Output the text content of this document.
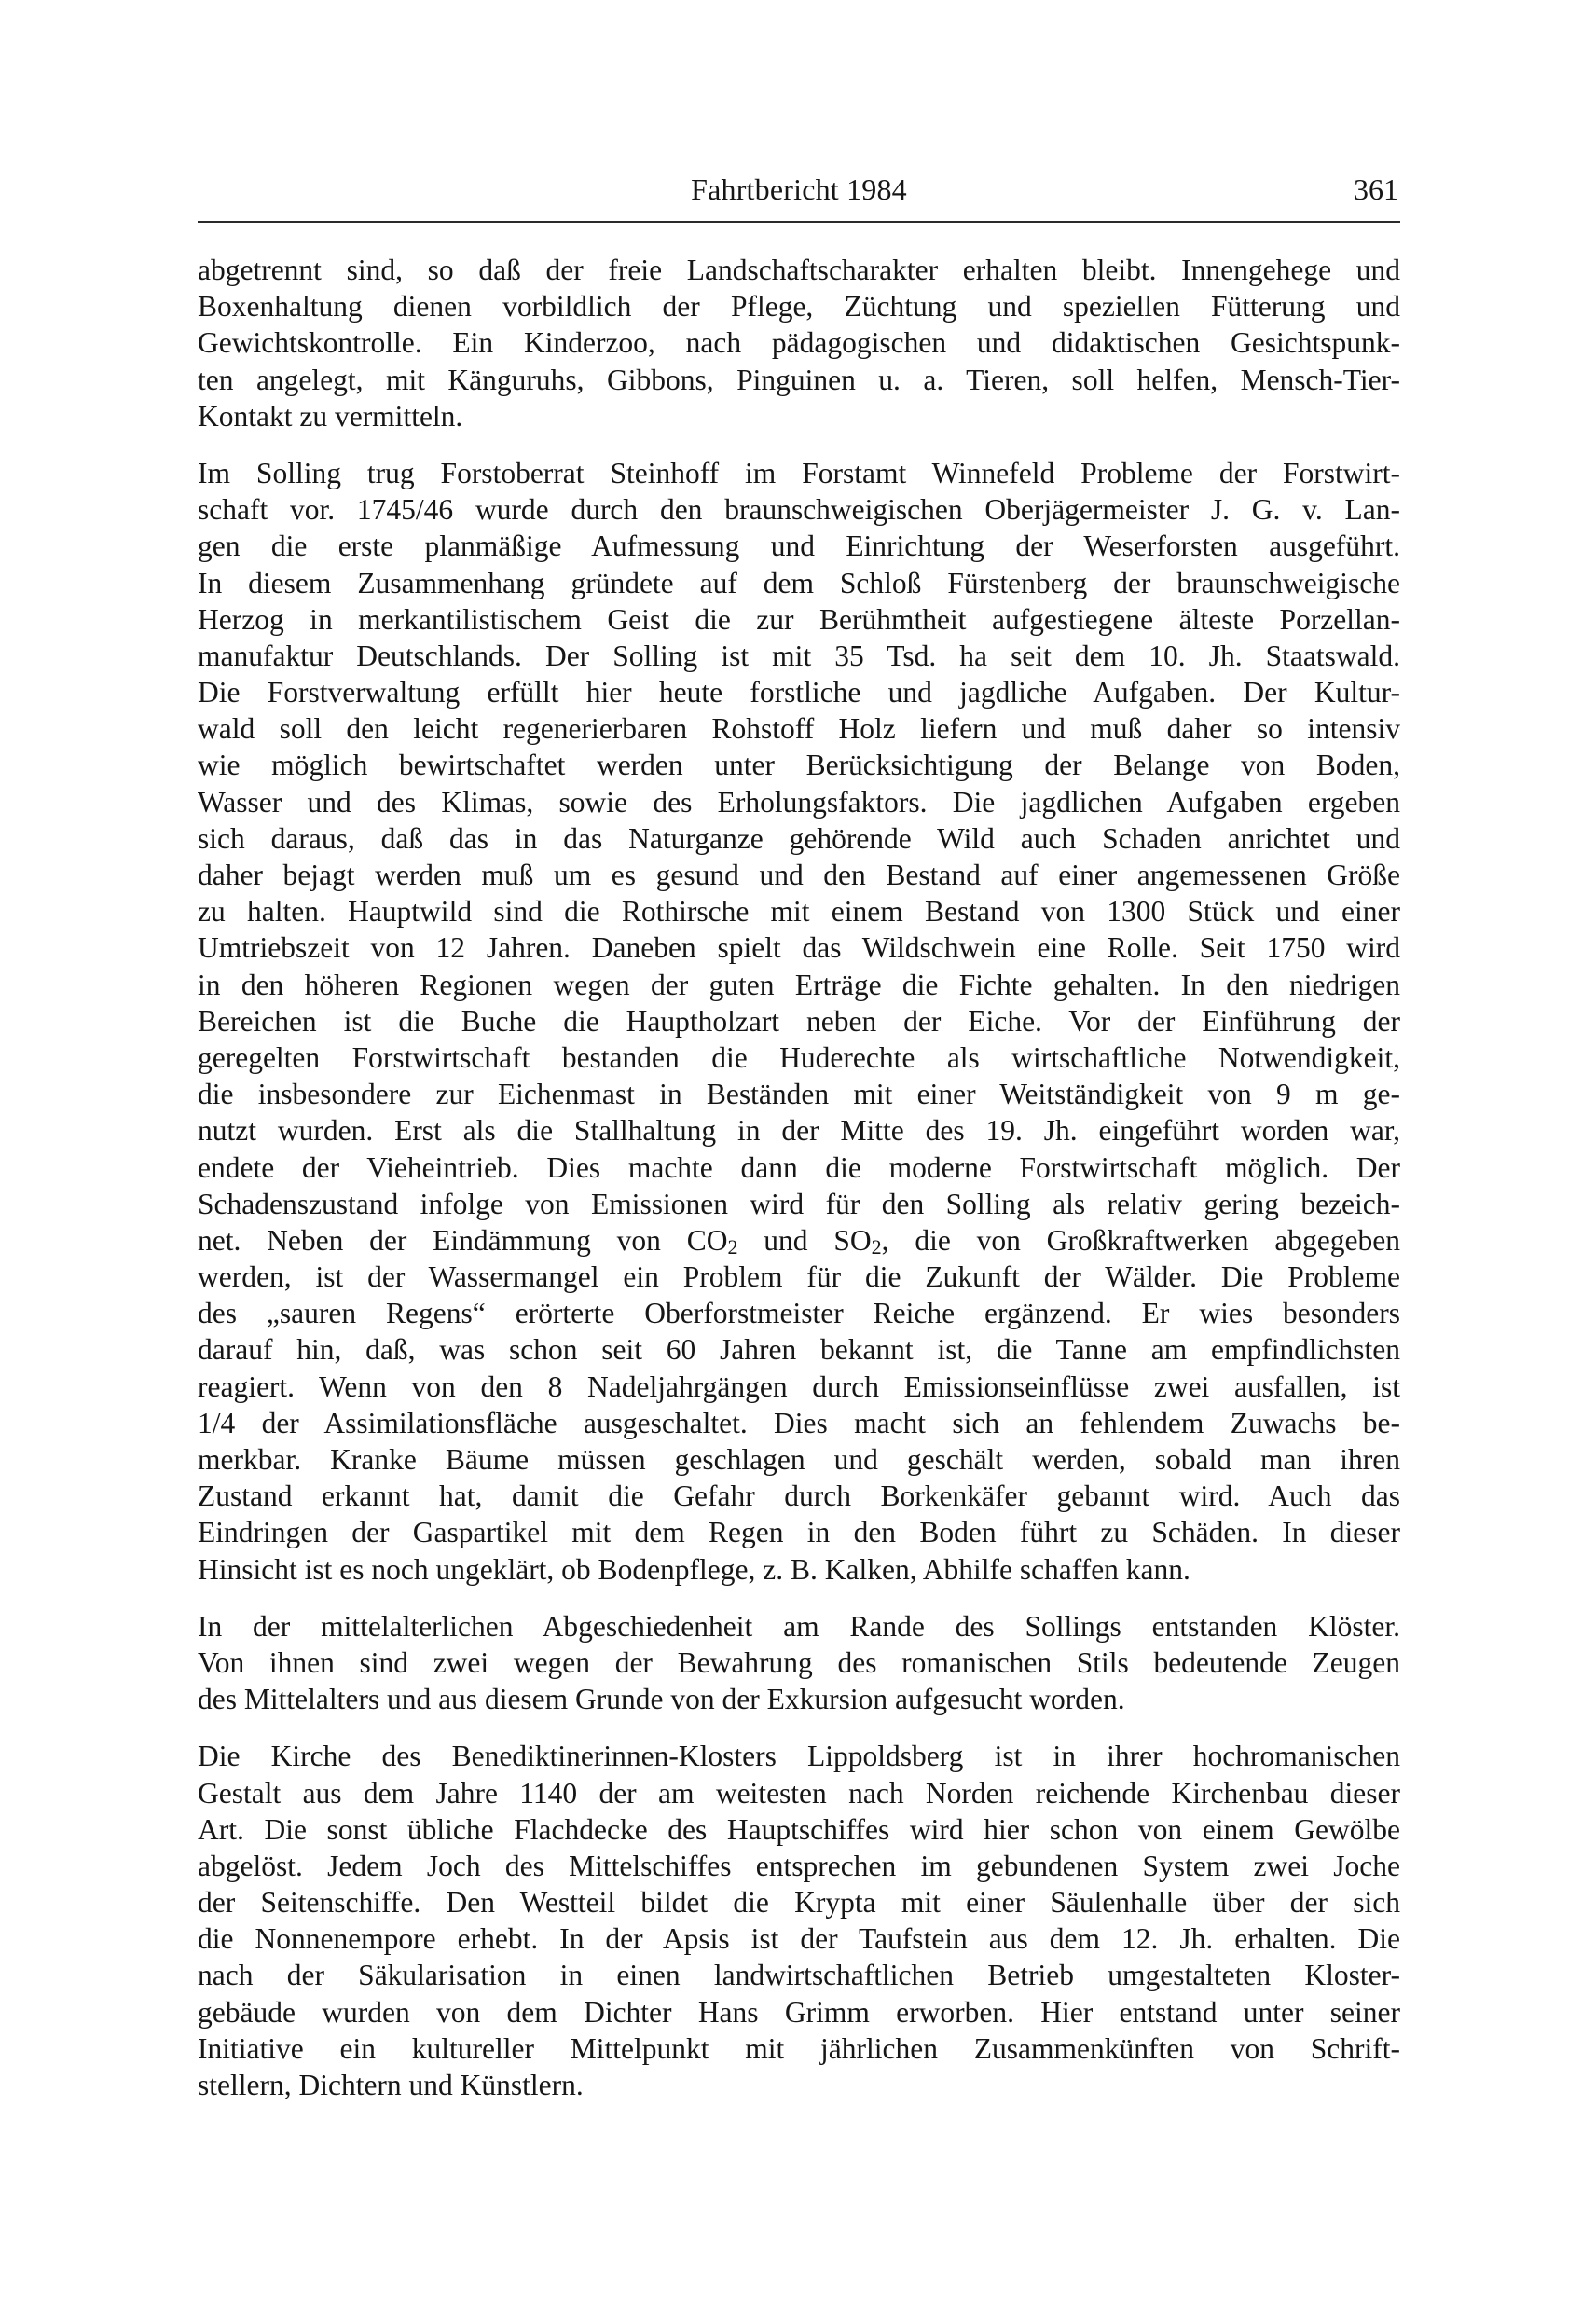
Fahrtbericht 1984	361
abgetrennt sind, so daß der freie Landschaftscharakter erhalten bleibt. Innengehege und
Boxenhaltung dienen vorbildlich der Pflege, Züchtung und speziellen Fütterung und
Gewichtskontrolle. Ein Kinderzoo, nach pädagogischen und didaktischen Gesichtspunk-
ten angelegt, mit Känguruhs, Gibbons, Pinguinen u. a. Tieren, soll helfen, Mensch-Tier-
Kontakt zu vermitteln.
Im Solling trug Forstoberrat Steinhoff im Forstamt Winnefeld Probleme der Forstwirt-
schaft vor. 1745/46 wurde durch den braunschweigischen Oberjägermeister J. G. v. Lan-
gen die erste planmäßige Aufmessung und Einrichtung der Weserforsten ausgeführt.
In diesem Zusammenhang gründete auf dem Schloß Fürstenberg der braunschweigische
Herzog in merkantilistischem Geist die zur Berühmtheit aufgestiegene älteste Porzellan-
manufaktur Deutschlands. Der Solling ist mit 35 Tsd. ha seit dem 10. Jh. Staatswald.
Die Forstverwaltung erfüllt hier heute forstliche und jagdliche Aufgaben. Der Kultur-
wald soll den leicht regenerierbaren Rohstoff Holz liefern und muß daher so intensiv
wie möglich bewirtschaftet werden unter Berücksichtigung der Belange von Boden,
Wasser und des Klimas, sowie des Erholungsfaktors. Die jagdlichen Aufgaben ergeben
sich daraus, daß das in das Naturganze gehörende Wild auch Schaden anrichtet und
daher bejagt werden muß um es gesund und den Bestand auf einer angemessenen Größe
zu halten. Hauptwild sind die Rothirsche mit einem Bestand von 1300 Stück und einer
Umtriebszeit von 12 Jahren. Daneben spielt das Wildschwein eine Rolle. Seit 1750 wird
in den höheren Regionen wegen der guten Erträge die Fichte gehalten. In den niedrigen
Bereichen ist die Buche die Hauptholzart neben der Eiche. Vor der Einführung der
geregelten Forstwirtschaft bestanden die Huderechte als wirtschaftliche Notwendigkeit,
die insbesondere zur Eichenmast in Beständen mit einer Weitständigkeit von 9 m ge-
nutzt wurden. Erst als die Stallhaltung in der Mitte des 19. Jh. eingeführt worden war,
endete der Vieheintrieb. Dies machte dann die moderne Forstwirtschaft möglich. Der
Schadenszustand infolge von Emissionen wird für den Solling als relativ gering bezeich-
net. Neben der Eindämmung von $CO_2$ und $SO_2$, die von Großkraftwerken abgegeben
werden, ist der Wassermangel ein Problem für die Zukunft der Wälder. Die Probleme
des „sauren Regens“ erörterte Oberforstmeister Reiche ergänzend. Er wies besonders
darauf hin, daß, was schon seit 60 Jahren bekannt ist, die Tanne am empfindlichsten
reagiert. Wenn von den 8 Nadeljahrgängen durch Emissionseinflüsse zwei ausfallen, ist
1/4 der Assimilationsfläche ausgeschaltet. Dies macht sich an fehlendem Zuwachs be-
merkbar. Kranke Bäume müssen geschlagen und geschält werden, sobald man ihren
Zustand erkannt hat, damit die Gefahr durch Borkenkäfer gebannt wird. Auch das
Eindringen der Gaspartikel mit dem Regen in den Boden führt zu Schäden. In dieser
Hinsicht ist es noch ungeklärt, ob Bodenpflege, z. B. Kalken, Abhilfe schaffen kann.
In der mittelalterlichen Abgeschiedenheit am Rande des Sollings entstanden Klöster.
Von ihnen sind zwei wegen der Bewahrung des romanischen Stils bedeutende Zeugen
des Mittelalters und aus diesem Grunde von der Exkursion aufgesucht worden.
Die Kirche des Benediktinerinnen-Klosters Lippoldsberg ist in ihrer hochromanischen
Gestalt aus dem Jahre 1140 der am weitesten nach Norden reichende Kirchenbau dieser
Art. Die sonst übliche Flachdecke des Hauptschiffes wird hier schon von einem Gewölbe
abgelöst. Jedem Joch des Mittelschiffes entsprechen im gebundenen System zwei Joche
der Seitenschiffe. Den Westteil bildet die Krypta mit einer Säulenhalle über der sich
die Nonnenempore erhebt. In der Apsis ist der Taufstein aus dem 12. Jh. erhalten. Die
nach der Säkularisation in einen landwirtschaftlichen Betrieb umgestalteten Kloster-
gebäude wurden von dem Dichter Hans Grimm erworben. Hier entstand unter seiner
Initiative ein kultureller Mittelpunkt mit jährlichen Zusammenkünften von Schrift-
stellern, Dichtern und Künstlern.
